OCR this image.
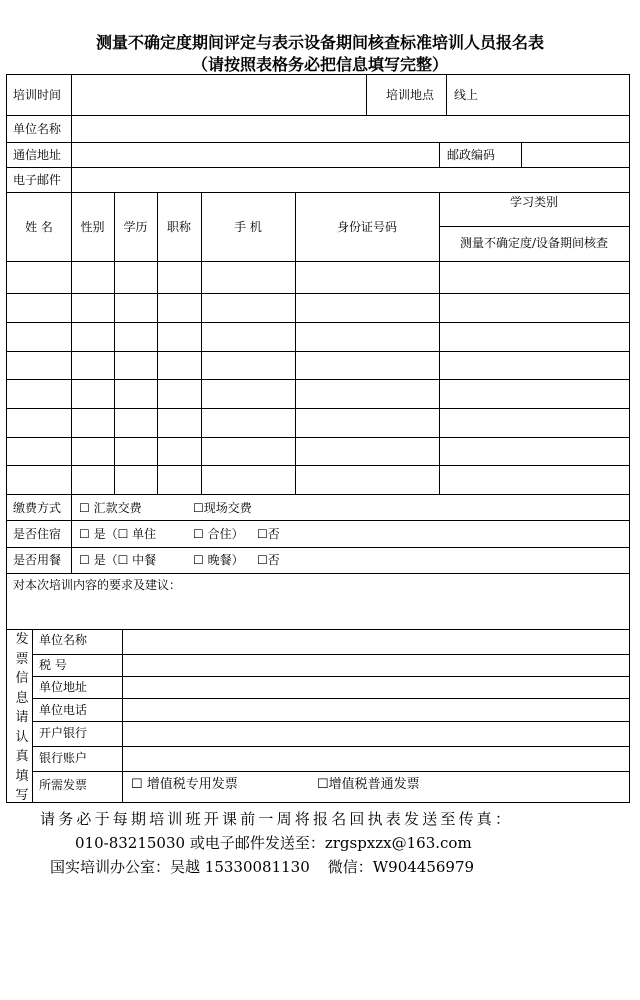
测量不确定度期间评定与表示设备期间核查标准培训人员报名表
（请按照表格务必把信息填写完整）
培训时间	培训地点 线上
单位名称
通信地址	邮政编码
电子邮件
姓 名	性别	学历	职称	手 机	身份证号码
学习类别
测量不确定度/设备期间核查
缴费方式 ☐ 汇款交费	☐现场交费
是否住宿 ☐ 是（☐ 单住	☐ 合住） ☐否
是否用餐 ☐ 是（☐ 中餐	☐ 晚餐） ☐否
对本次培训内容的要求及建议：
发票信息请认真填写
单位名称
税 号
单位地址
单位电话
开户银行
银行账户
所需发票	☐ 增值税专用发票	☐增值税普通发票
请务必于每期培训班开课前一周将报名回执表发送至传真：
010-83215030 或电子邮件发送至：zrgspxzx@163.com
国实培训办公室：吴越 15330081130 微信：W904456979
